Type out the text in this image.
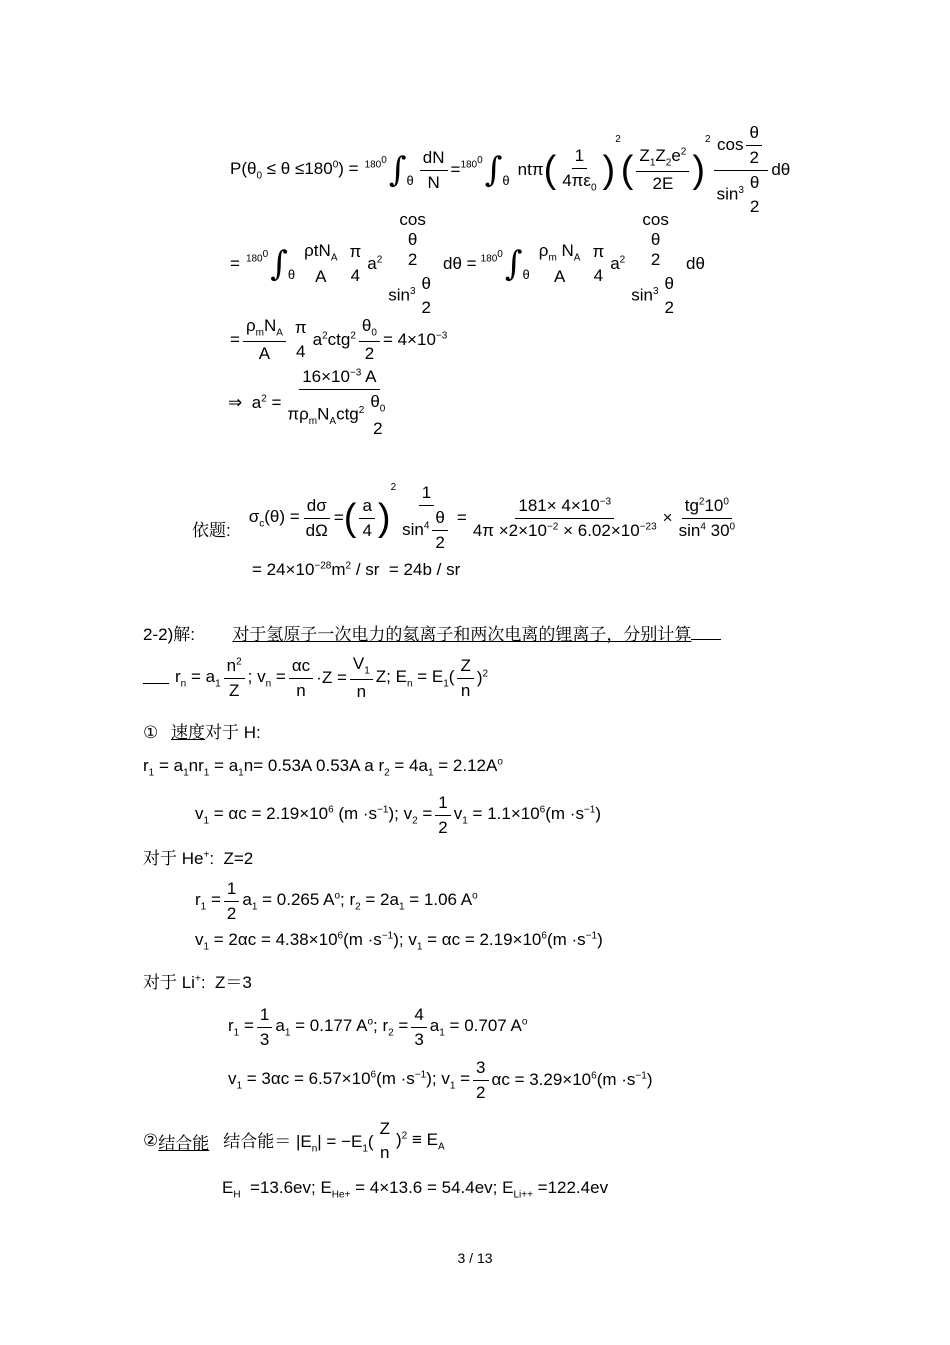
$P(\theta_0 \le \theta \le 180^0) = 180^0$ ∫ θ $\frac{dN}{N} = 180^0$ ∫ θ
ntπ ( $\frac{1}{4\pi\varepsilon_0}$ )
2
( $\frac{Z_1Z_2e^2}{2E}$ )
2 $\cos \frac{\theta}{2}$
$\sin^3 \theta$
2 dθ
= $180^0$ ∫ θ
ρtN$_A$
A
π
4
$a^2$
cos
θ
2
$\sin^3 \theta$
2
$d\theta = 180^0$ ∫ θ
$\rho_m$ $N_A$
A
π
4
$a^2$
cos
θ
2
$\sin^3 \theta$
2
dθ
= $\frac{\rho_mN_A}{A}$ π
4
$a^2ctg^2 \frac{\theta_0}{2} = 4\times 10^{-3}$
⇒  $a^2 = 16\times 10^{-3}$ A
$\pi\rho_mN_Actg^2$ $\theta_0$
2
依题:
$\sigma_c(\theta) = \frac{d\sigma}{d\Omega}$ = ( $\frac{a}{4}$ )
$2 \frac{1}{\sin^4 \frac{\theta}{2}} = \frac{181\times 4\times 10^{-3}}{4\pi \times 2\times 10^{-2} \times 6.02\times 10^{-23}} \times \frac{tg^210^0}{\sin^4 30^0}$
= $24\times 10^{-28}m^2$ / sr  = 24b / sr
2-2)解: 对于氢原子一次电力的氦离子和两次电离的锂离子，分别计算
$r_n = a_1 \frac{n^2}{Z}$ ; $v_n = \frac{\alpha c}{n} \cdot Z = \frac{V_1}{n} Z$; $E_n = E_1( \frac{Z}{n} )^2$
① 速度对于 H:
$r_1 = a_1nr_1 = a_1n= 0.53A$ 0.53A a $r_2 = 4a_1 = 2.12A^o$
$v_1 = \alpha c = 2.19\times 10^6$ $(m \cdot s^{-1})$; $v_2 = \frac{1}{2} v_1 = 1.1\times 10^6(m \cdot s^{-1})$
对于 He+:  Z=2
$r_1 = \frac{1}{2} a_1 = 0.265$ $A^o$; $r_2 = 2a_1 = 1.06$ $A^o$
$v_1 = 2\alpha c = 4.38\times 10^6(m \cdot s^{-1})$; $v_1 = \alpha c = 2.19\times 10^6(m \cdot s^{-1})$
对于 Li+:  Z＝3
$r_1 = \frac{1}{3} a_1 = 0.177$ $A^o$; $r_2 = \frac{4}{3} a_1 = 0.707$ $A^o$
$v_1 = 3\alpha c = 6.57\times 10^6(m \cdot s^{-1})$; $v_1 = \frac{3}{2}$ $\alpha c = 3.29\times 10^6(m \cdot s^{-1})$
② 结合能 结合能＝ $|E_n| = -E_1$(
Z
n
)$^2 \equiv E_A$
$E_H =13.6ev$; $E_{He+} = 4\times 13.6 = 54.4ev$; $E_{Li++} =122.4ev$
3 / 13
